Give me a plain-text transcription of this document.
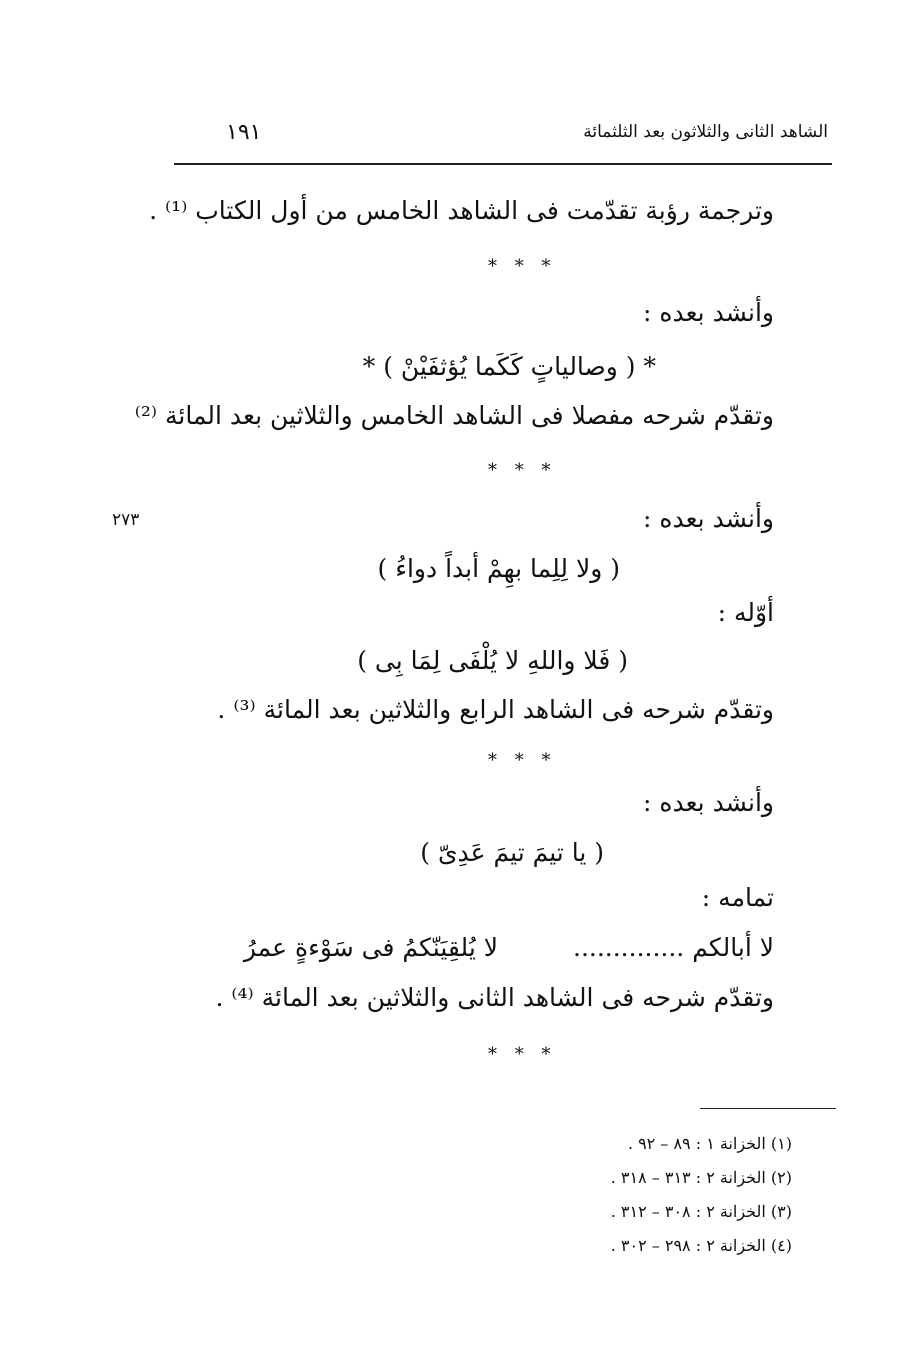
الشاهد الثانى والثلاثون بعد الثلثمائة
١٩١
٢٧٣
وترجمة رؤبة تقدّمت فى الشاهد الخامس من أول الكتاب ⁽¹⁾ .
* * *
وأنشد بعده :
* ( وصالياتٍ كَكَما يُؤثفَيْنْ ) *
وتقدّم شرحه مفصلا فى الشاهد الخامس والثلاثين بعد المائة ⁽²⁾
* * *
وأنشد بعده :
( ولا لِلِما بهِمْ أبداً دواءُ )
أوّله :
( فَلا واللهِ لا يُلْفَى لِمَا بِى )
وتقدّم شرحه فى الشاهد الرابع والثلاثين بعد المائة ⁽³⁾ .
* * *
وأنشد بعده :
( يا تيمَ تيمَ عَدِىّ )
تمامه :
لا يُلقِيَنّكمُ فى سَوْءةٍ عمرُ	لا أبالكم ..............
وتقدّم شرحه فى الشاهد الثانى والثلاثين بعد المائة ⁽⁴⁾ .
* * *
(١) الخزانة ١ : ٨٩ – ٩٢ .
(٢) الخزانة ٢ : ٣١٣ – ٣١٨ .
(٣) الخزانة ٢ : ٣٠٨ – ٣١٢ .
(٤) الخزانة ٢ : ٢٩٨ – ٣٠٢ .
